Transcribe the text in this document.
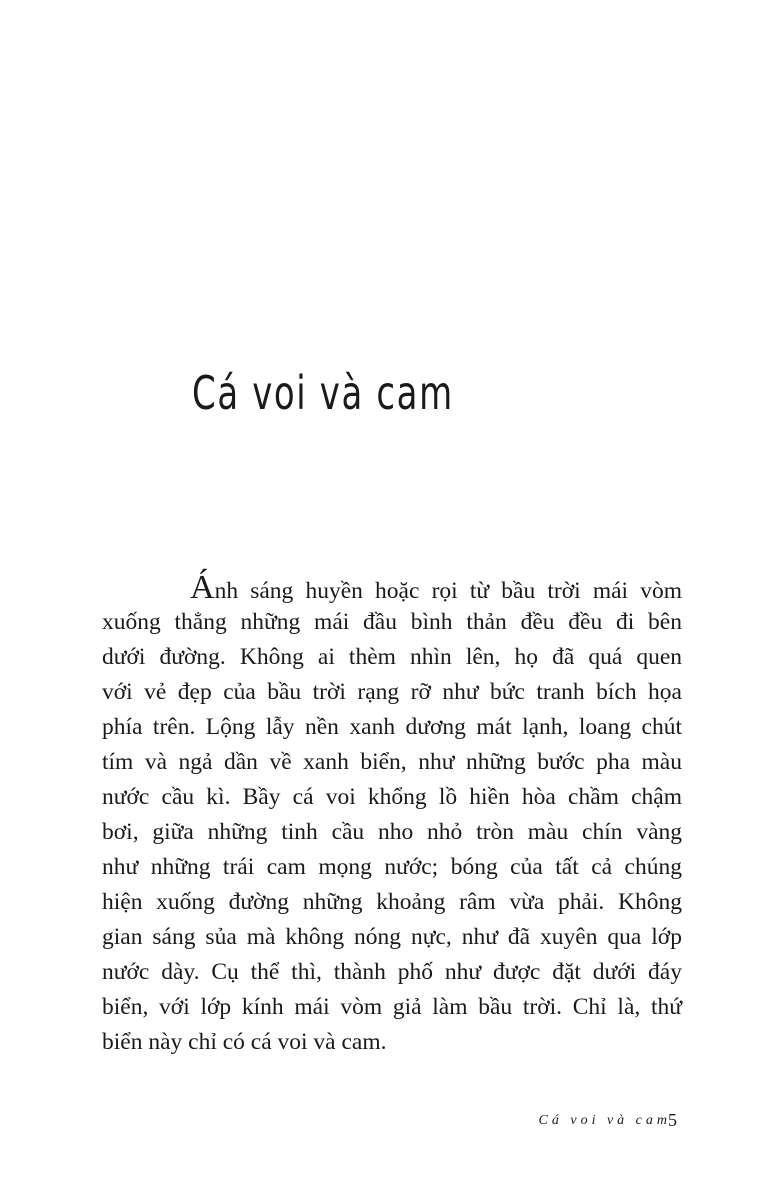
Cá voi và cam
Ánh sáng huyền hoặc rọi từ bầu trời mái vòm
xuống thẳng những mái đầu bình thản đều đều đi bên
dưới đường. Không ai thèm nhìn lên, họ đã quá quen
với vẻ đẹp của bầu trời rạng rỡ như bức tranh bích họa
phía trên. Lộng lẫy nền xanh dương mát lạnh, loang chút
tím và ngả dần về xanh biển, như những bước pha màu
nước cầu kì. Bầy cá voi khổng lồ hiền hòa chầm chậm
bơi, giữa những tinh cầu nho nhỏ tròn màu chín vàng
như những trái cam mọng nước; bóng của tất cả chúng
hiện xuống đường những khoảng râm vừa phải. Không
gian sáng sủa mà không nóng nực, như đã xuyên qua lớp
nước dày. Cụ thể thì, thành phố như được đặt dưới đáy
biển, với lớp kính mái vòm giả làm bầu trời. Chỉ là, thứ
biển này chỉ có cá voi và cam.
Cá voi và cam
5
